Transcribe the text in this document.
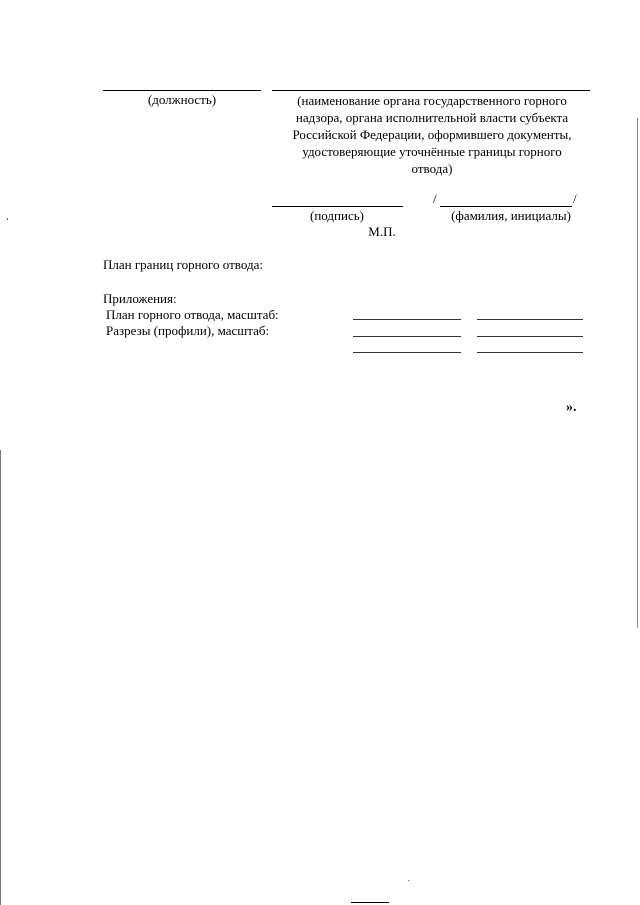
(должность)	(наименование органа государственного горного
надзора, органа исполнительной власти субъекта
Российской Федерации, оформившего документы,
удостоверяющие уточнённые границы горного
отвода)
/	/
(подпись)	(фамилия, инициалы)
М.П.
План границ горного отвода:
Приложения:
План горного отвода, масштаб:
Разрезы (профили), масштаб:
».
